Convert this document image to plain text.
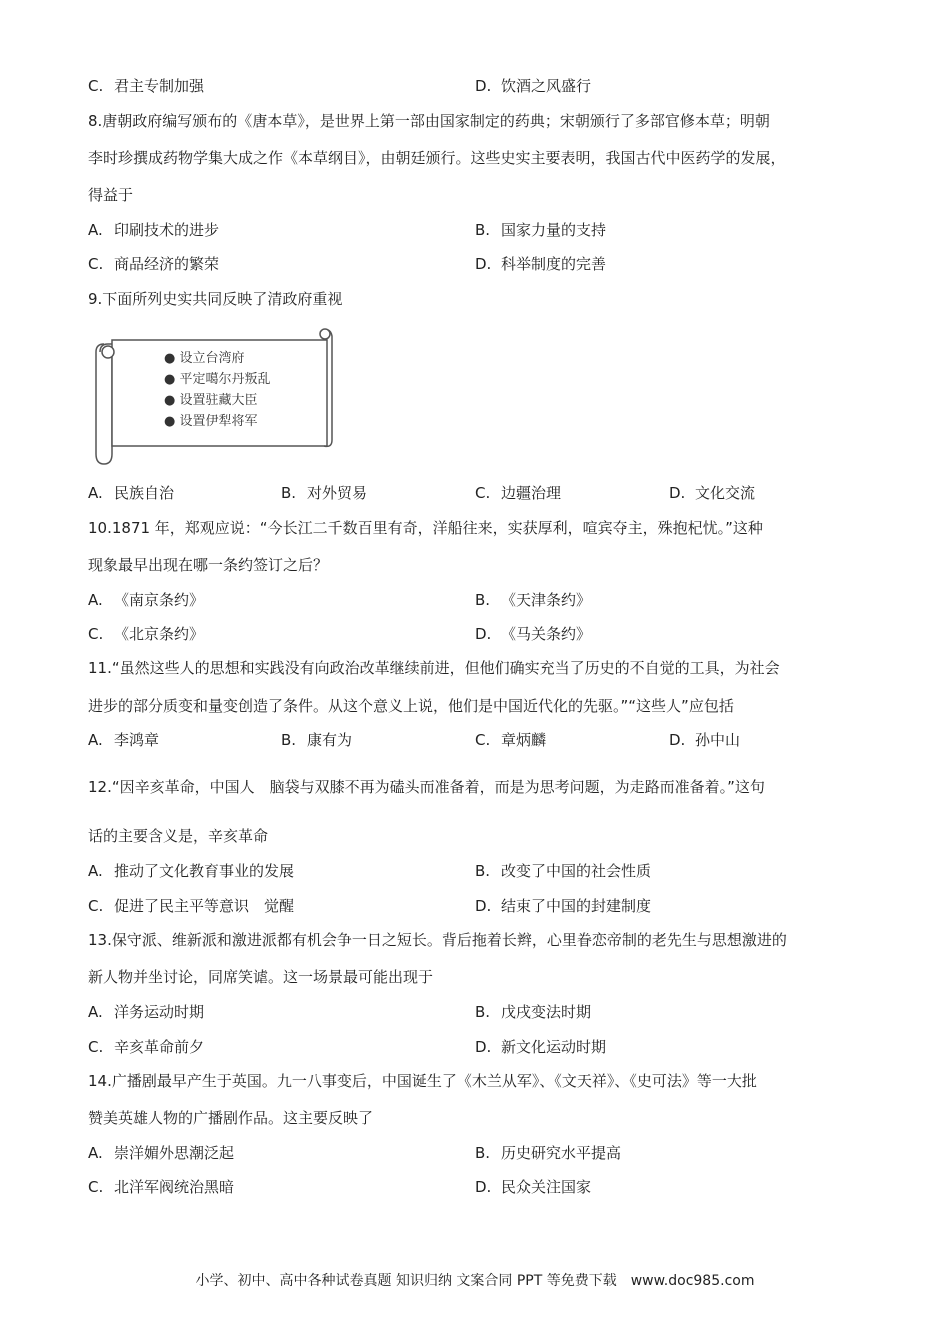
C. 君主专制加强	D. 饮酒之风盛行
8.唐朝政府编写颁布的《唐本草》，是世界上第一部由国家制定的药典；宋朝颁行了多部官修本草；明朝
李时珍撰成药物学集大成之作《本草纲目》，由朝廷颁行。这些史实主要表明，我国古代中医药学的发展，
得益于
A. 印刷技术的进步	B. 国家力量的支持
C. 商品经济的繁荣	D. 科举制度的完善
9.下面所列史实共同反映了清政府重视
● 设立台湾府
● 平定噶尔丹叛乱
● 设置驻藏大臣
● 设置伊犁将军
A. 民族自治	B. 对外贸易	C. 边疆治理	D. 文化交流
10.1871 年，郑观应说：“今长江二千数百里有奇，洋船往来，实获厚利，喧宾夺主，殊抱杞忧。”这种
现象最早出现在哪一条约签订之后？
A. 《南京条约》	B. 《天津条约》
C. 《北京条约》	D. 《马关条约》
11.“虽然这些人的思想和实践没有向政治改革继续前进，但他们确实充当了历史的不自觉的工具，为社会
进步的部分质变和量变创造了条件。从这个意义上说，他们是中国近代化的先驱。”“这些人”应包括
A. 李鸿章	B. 康有为	C. 章炳麟	D. 孙中山
12.“因辛亥革命，中国人　脑袋与双膝不再为磕头而准备着，而是为思考问题，为走路而准备着。”这句
话的主要含义是，辛亥革命
A. 推动了文化教育事业的发展	B. 改变了中国的社会性质
C. 促进了民主平等意识　觉醒	D. 结束了中国的封建制度
13.保守派、维新派和激进派都有机会争一日之短长。背后拖着长辫，心里眷恋帝制的老先生与思想激进的
新人物并坐讨论，同席笑谑。这一场景最可能出现于
A. 洋务运动时期	B. 戊戌变法时期
C. 辛亥革命前夕	D. 新文化运动时期
14.广播剧最早产生于英国。九一八事变后，中国诞生了《木兰从军》、《文天祥》、《史可法》等一大批
赞美英雄人物的广播剧作品。这主要反映了
A. 崇洋媚外思潮泛起	B. 历史研究水平提高
C. 北洋军阀统治黑暗	D. 民众关注国家
小学、初中、高中各种试卷真题 知识归纳 文案合同 PPT 等免费下载　www.doc985.com
